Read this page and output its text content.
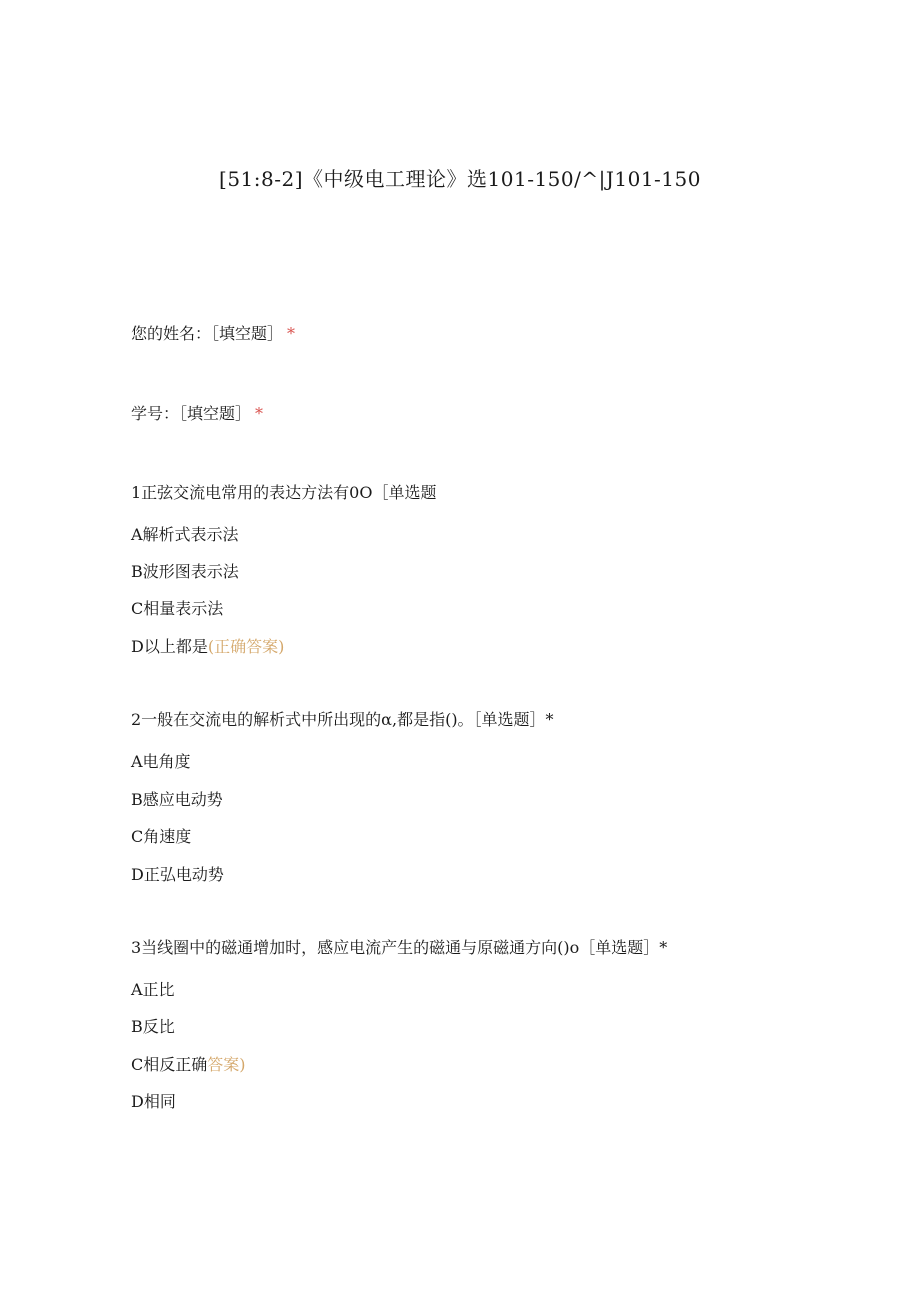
[51:8-2]《中级电工理论》选101-150/^|J101-150
您的姓名：［填空题］ *
学号：［填空题］ *
1正弦交流电常用的表达方法有0O［单选题
A解析式表示法
B波形图表示法
C相量表示法
D以上都是(正确答案)
2一般在交流电的解析式中所出现的α,都是指()。［单选题］*
A电角度
B感应电动势
C角速度
D正弘电动势
3当线圈中的磁通增加时，感应电流产生的磁通与原磁通方向()o［单选题］*
A正比
B反比
C相反正确答案)
D相同
